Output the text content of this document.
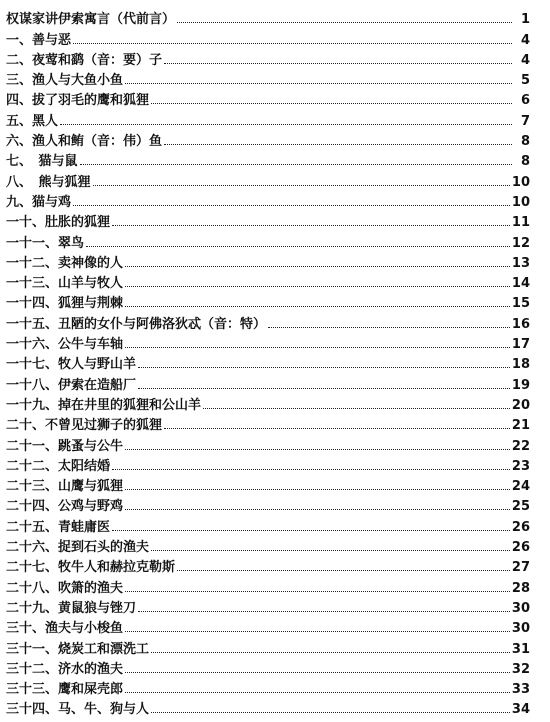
权谋家讲伊索寓言（代前言）	1
一、善与恶	4
二、夜莺和鹞（音：要）子	4
三、渔人与大鱼小鱼	5
四、拔了羽毛的鹰和狐狸	6
五、黑人	7
六、渔人和鲔（音：伟）鱼	8
七、　猫与鼠	8
八、　熊与狐狸	10
九、猫与鸡	10
一十、肚胀的狐狸	11
一十一、翠鸟	12
一十二、卖神像的人	13
一十三、山羊与牧人	14
一十四、狐狸与荆棘	15
一十五、丑陋的女仆与阿佛洛狄忒（音：特）	16
一十六、公牛与车轴	17
一十七、牧人与野山羊	18
一十八、伊索在造船厂	19
一十九、掉在井里的狐狸和公山羊	20
二十、不曾见过狮子的狐狸	21
二十一、跳蚤与公牛	22
二十二、太阳结婚	23
二十三、山鹰与狐狸	24
二十四、公鸡与野鸡	25
二十五、青蛙庸医	26
二十六、捉到石头的渔夫	26
二十七、牧牛人和赫拉克勒斯	27
二十八、吹箫的渔夫	28
二十九、黄鼠狼与锉刀	30
三十、渔夫与小梭鱼	30
三十一、烧炭工和漂洗工	31
三十二、济水的渔夫	32
三十三、鹰和屎壳郎	33
三十四、马、牛、狗与人	34
